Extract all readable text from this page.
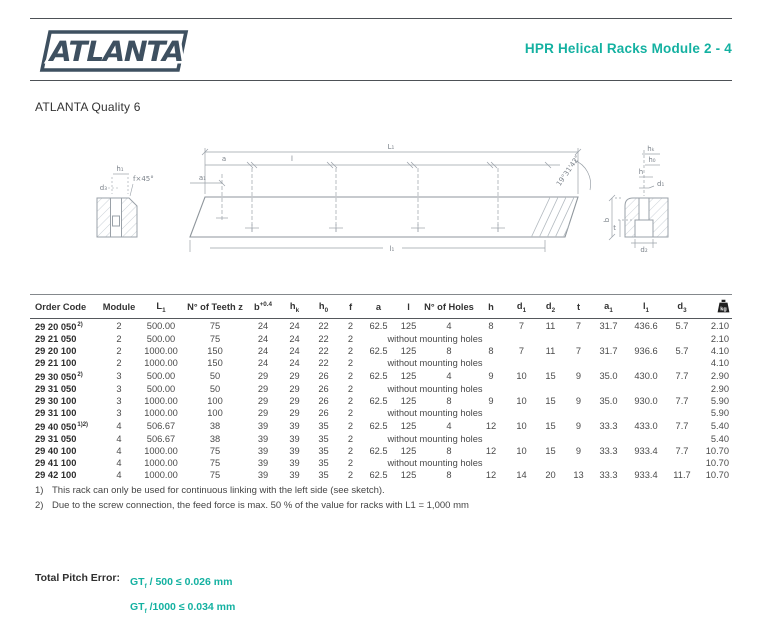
ATLANTA	HPR Helical Racks Module 2 - 4
ATLANTA Quality 6
h₁
f×45°
d₃
L₁
a	l
a₁
l₁
19°31'42"
hₖ
h₀
h
d₁
b
t
d₂
Order Code	Module	$L_1$	N° of Teeth z	$b^{+0.4}$	$h_k$	$h_0$	f	a	l	N° of Holes	h	$d_1$	$d_2$	t	$a_1$	$l_1$	$d_3$	kg

29 20 050$^{2)}$	2	500.00	75	24	24	22	2	62.5	125	4	8	7	11	7	31.7	436.6	5.7	2.10
29 21 050	2	500.00	75	24	24	22	2	without mounting holes										2.10
29 20 100	2	1000.00	150	24	24	22	2	62.5	125	8	8	7	11	7	31.7	936.6	5.7	4.10
29 21 100	2	1000.00	150	24	24	22	2	without mounting holes										4.10
29 30 050$^{2)}$	3	500.00	50	29	29	26	2	62.5	125	4	9	10	15	9	35.0	430.0	7.7	2.90
29 31 050	3	500.00	50	29	29	26	2	without mounting holes										2.90
29 30 100	3	1000.00	100	29	29	26	2	62.5	125	8	9	10	15	9	35.0	930.0	7.7	5.90
29 31 100	3	1000.00	100	29	29	26	2	without mounting holes										5.90
29 40 050$^{1)2)}$	4	506.67	38	39	39	35	2	62.5	125	4	12	10	15	9	33.3	433.0	7.7	5.40
29 31 050	4	506.67	38	39	39	35	2	without mounting holes										5.40
29 40 100	4	1000.00	75	39	39	35	2	62.5	125	8	12	10	15	9	33.3	933.4	7.7	10.70
29 41 100	4	1000.00	75	39	39	35	2	without mounting holes										10.70
29 42 100	4	1000.00	75	39	39	35	2	62.5	125	8	12	14	20	13	33.3	933.4	11.7	10.70
1) This rack can only be used for continuous linking with the left side (see sketch).
2) Due to the screw connection, the feed force is max. 50 % of the value for racks with L1 = 1,000 mm
Total Pitch Error: $GT_f / 500 \le 0.026$ mm
$GT_f$ /1000 ≤ 0.034 mm
